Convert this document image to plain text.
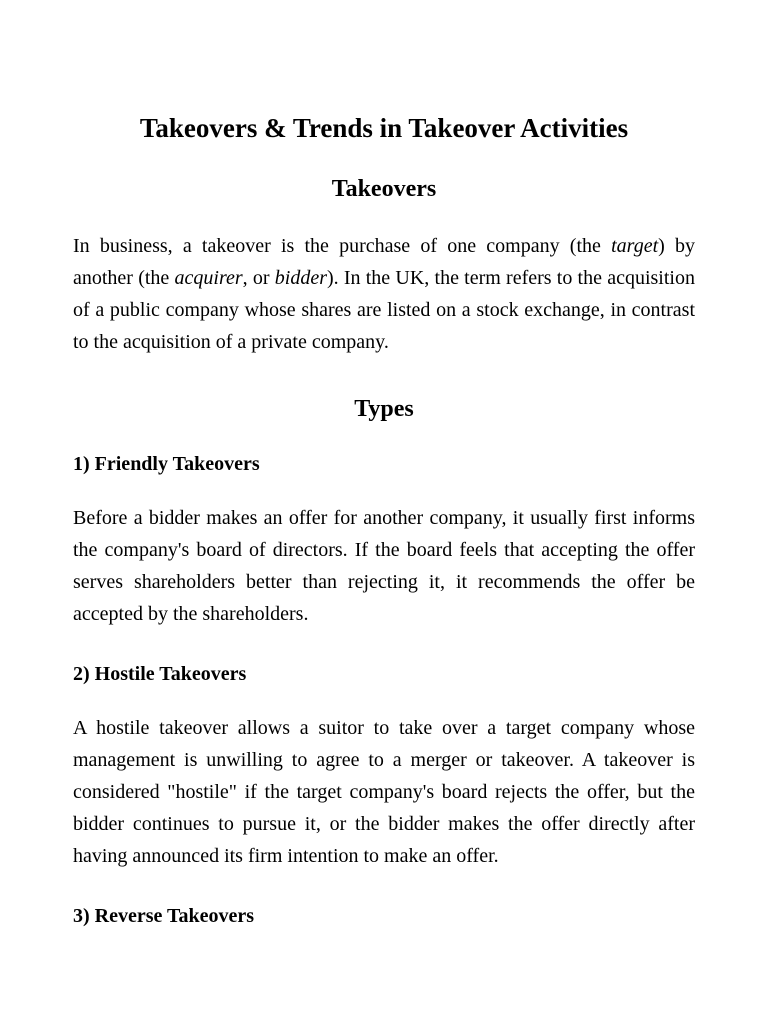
Takeovers & Trends in Takeover Activities
Takeovers

In business, a takeover is the purchase of one company (the target) by another (the acquirer, or bidder). In the UK, the term refers to the acquisition of a public company whose shares are listed on a stock exchange, in contrast to the acquisition of a private company.

Types
1) Friendly Takeovers

Before a bidder makes an offer for another company, it usually first informs the company's board of directors. If the board feels that accepting the offer serves shareholders better than rejecting it, it recommends the offer be accepted by the shareholders.

2) Hostile Takeovers

A hostile takeover allows a suitor to take over a target company whose management is unwilling to agree to a merger or takeover. A takeover is considered "hostile" if the target company's board rejects the offer, but the bidder continues to pursue it, or the bidder makes the offer directly after having announced its firm intention to make an offer.

3) Reverse Takeovers
